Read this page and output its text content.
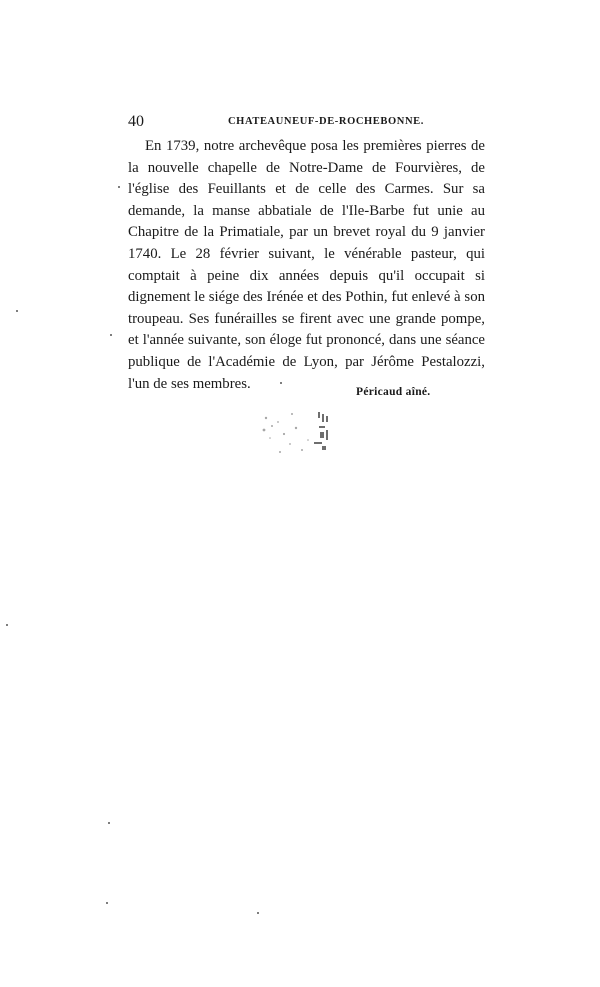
40	CHATEAUNEUF-DE-ROCHEBONNE.

En 1739, notre archevêque posa les premières pierres de la nouvelle chapelle de Notre-Dame de Fourvières, de l'église des Feuillants et de celle des Carmes. Sur sa demande, la manse abbatiale de l'Ile-Barbe fut unie au Chapitre de la Primatiale, par un brevet royal du 9 janvier 1740. Le 28 février suivant, le vénérable pasteur, qui comptait à peine dix années depuis qu'il occupait si dignement le siége des Irénée et des Pothin, fut enlevé à son troupeau. Ses funérailles se firent avec une grande pompe, et l'année suivante, son éloge fut prononcé, dans une séance publique de l'Académie de Lyon, par Jérôme Pestalozzi, l'un de ses membres.

Péricaud aîné.
